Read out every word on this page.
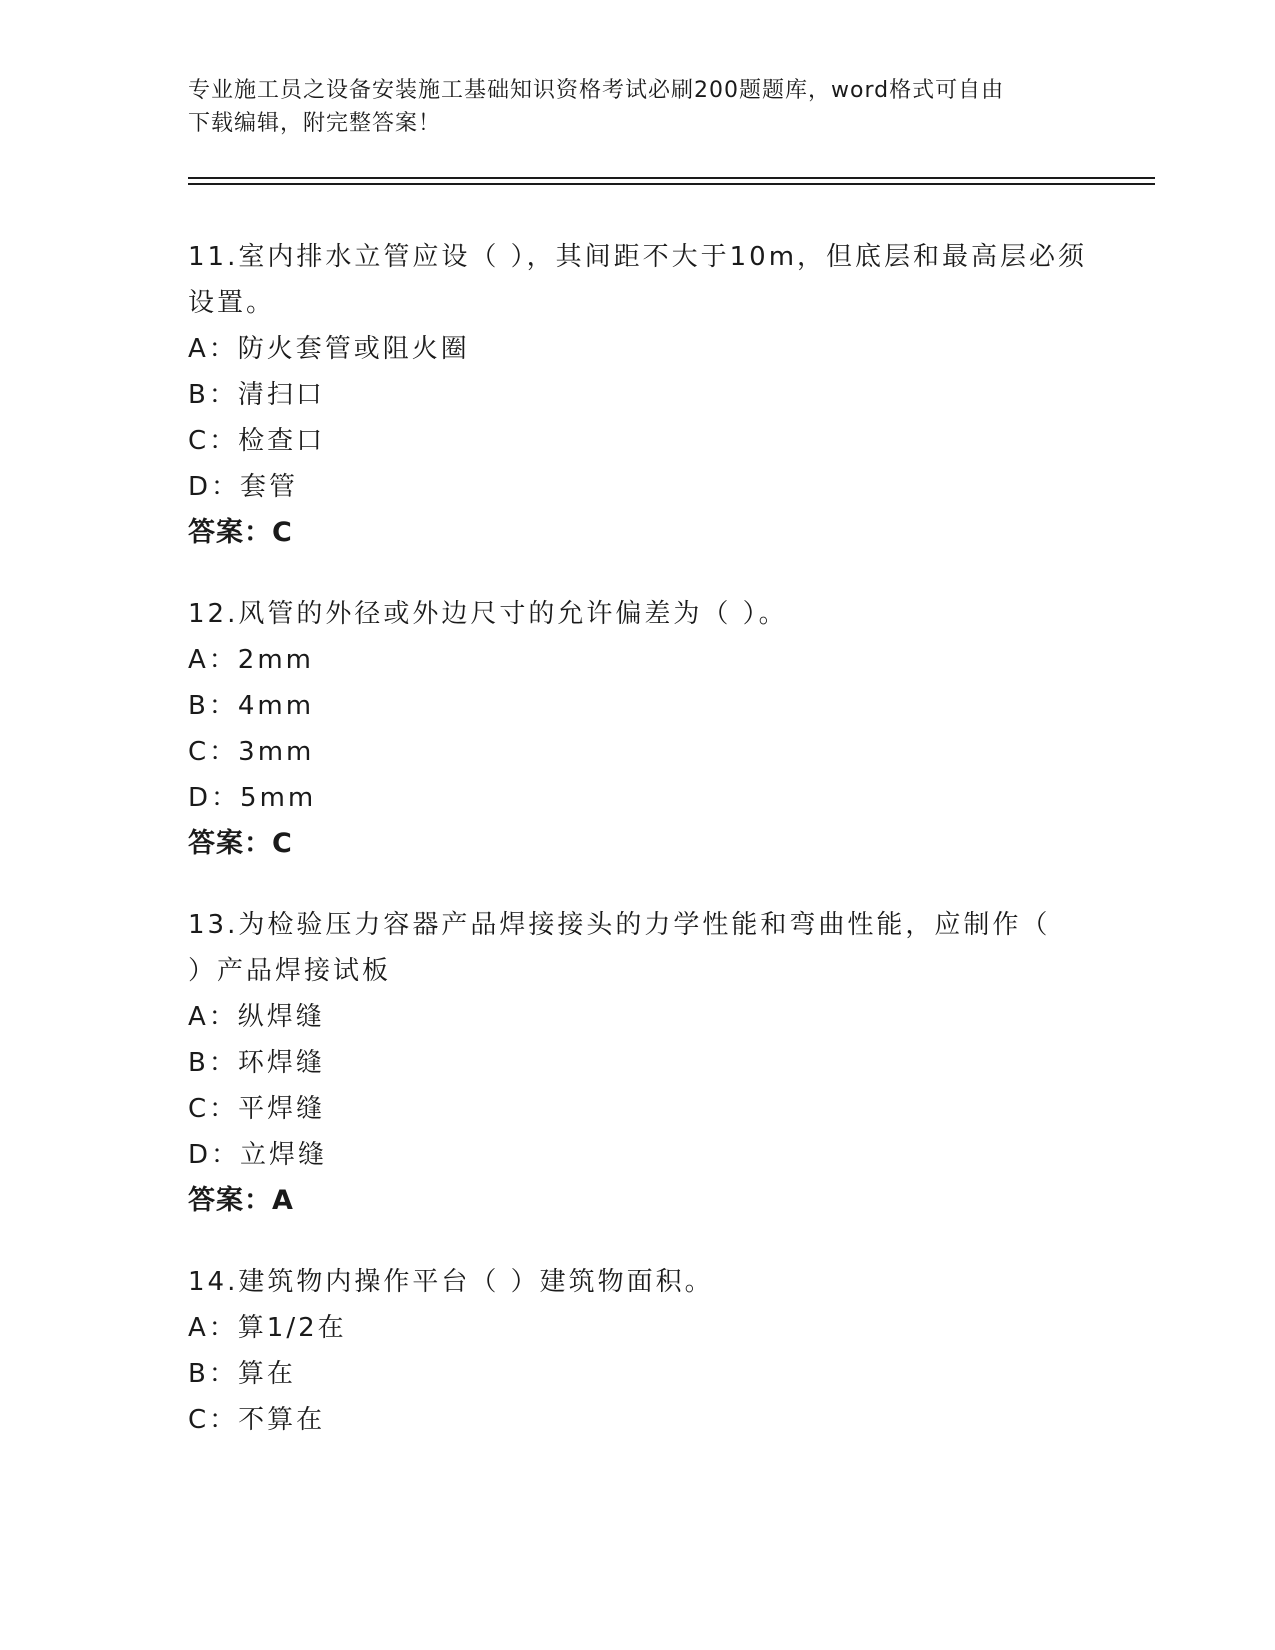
专业施工员之设备安装施工基础知识资格考试必刷200题题库，word格式可自由
下载编辑，附完整答案！
11.室内排水立管应设（ ），其间距不大于10m，但底层和最高层必须
设置。
A：防火套管或阻火圈
B：清扫口
C：检查口
D：套管
答案：C
12.风管的外径或外边尺寸的允许偏差为（ ）。
A：2mm
B：4mm
C：3mm
D：5mm
答案：C
13.为检验压力容器产品焊接接头的力学性能和弯曲性能，应制作（
）产品焊接试板
A：纵焊缝
B：环焊缝
C：平焊缝
D：立焊缝
答案：A
14.建筑物内操作平台（ ）建筑物面积。
A：算1/2在
B：算在
C：不算在
